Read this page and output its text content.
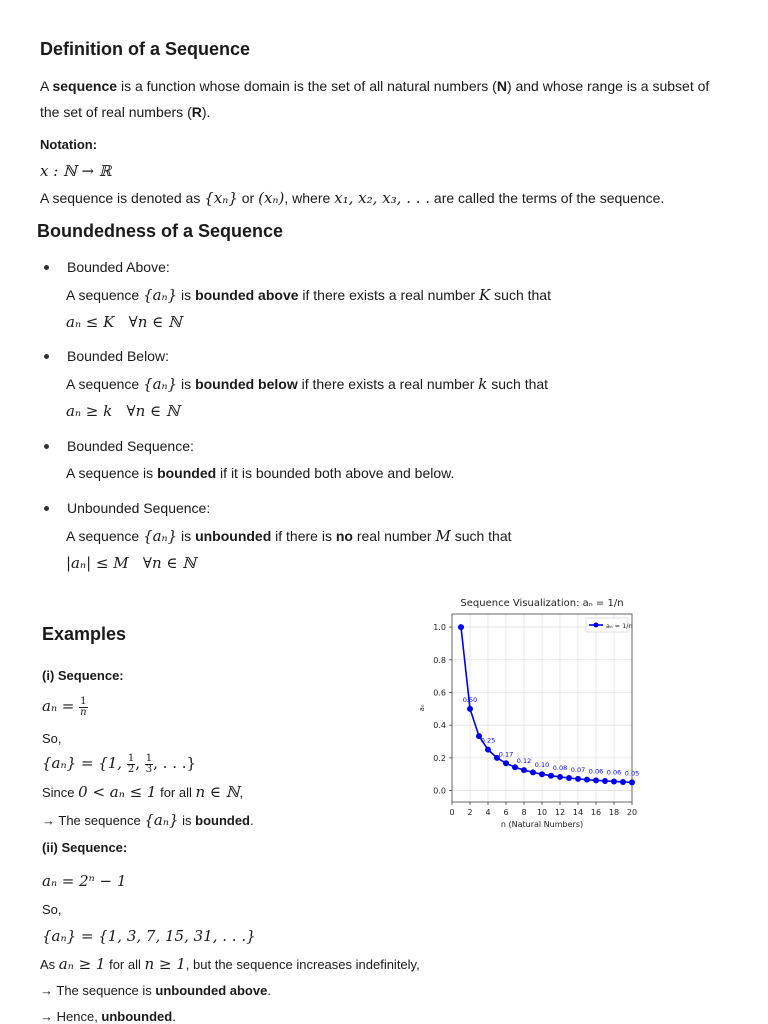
Definition of a Sequence
A sequence is a function whose domain is the set of all natural numbers (N) and whose range is a subset of
the set of real numbers (R).
Notation:
x : ℕ → ℝ
A sequence is denoted as {xₙ} or (xₙ), where x₁, x₂, x₃, . . . are called the terms of the sequence.
Boundedness of a Sequence
Bounded Above:
A sequence {aₙ} is bounded above if there exists a real number K such that
aₙ ≤ K   ∀n ∈ ℕ
Bounded Below:
A sequence {aₙ} is bounded below if there exists a real number k such that
aₙ ≥ k   ∀n ∈ ℕ
Bounded Sequence:
A sequence is bounded if it is bounded both above and below.
Unbounded Sequence:
A sequence {aₙ} is unbounded if there is no real number M such that
|aₙ| ≤ M   ∀n ∈ ℕ
Examples
(i) Sequence:
$a_n = \frac{1}{n}$
So,
{aₙ} = {1, $\frac{1}{2}$ , $\frac{1}{3}$ , . . .}
Since 0 < aₙ ≤ 1 for all n ∈ ℕ,
→ The sequence {aₙ} is bounded.
(ii) Sequence:
aₙ = 2ⁿ − 1
So,
{aₙ} = {1, 3, 7, 15, 31, . . .}
As aₙ ≥ 1 for all n ≥ 1, but the sequence increases indefinitely,
→ The sequence is unbounded above.
→ Hence, unbounded.
Sequence Visualization: aₙ = 1/n
0 2 4 6 8 10 12 14 16 18 20
0.0
0.2
0.4
0.6
0.8
1.0
n (Natural Numbers)
aₙ
0.50
0.25
0.17
0.12
0.10 0.08 0.07 0.06 0.06 0.05
aₙ = 1/n
